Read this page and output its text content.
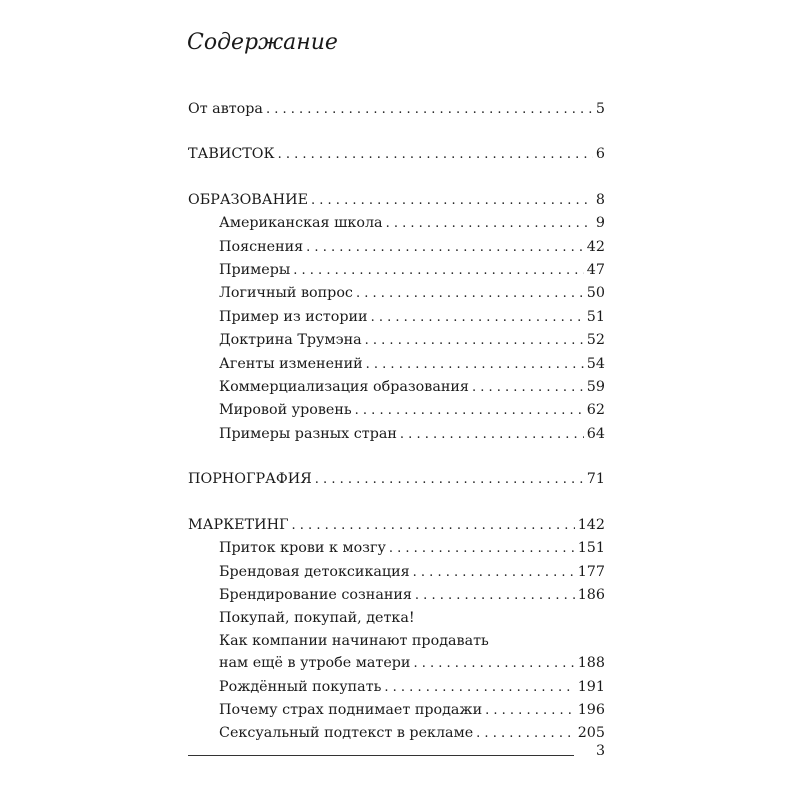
Содержание
От автора . . .	5
ТАВИСТОК . . .	6
ОБРАЗОВАНИЕ . . .	8
Американская школа . . .	9
Пояснения . . .	42
Примеры . . .	47
Логичный вопрос . . .	50
Пример из истории . . .	51
Доктрина Трумэна . . .	52
Агенты изменений . . .	54
Коммерциализация образования . . .	59
Мировой уровень . . .	62
Примеры разных стран . . .	64
ПОРНОГРАФИЯ . . .	71
МАРКЕТИНГ . . .	142
Приток крови к мозгу . . .	151
Брендовая детоксикация . . .	177
Брендирование сознания . . .	186
Покупай, покупай, детка!
Как компании начинают продавать
нам ещё в утробе матери . . .	188
Рождённый покупать . . .	191
Почему страх поднимает продажи . . .	196
Сексуальный подтекст в рекламе . . .	205
3
